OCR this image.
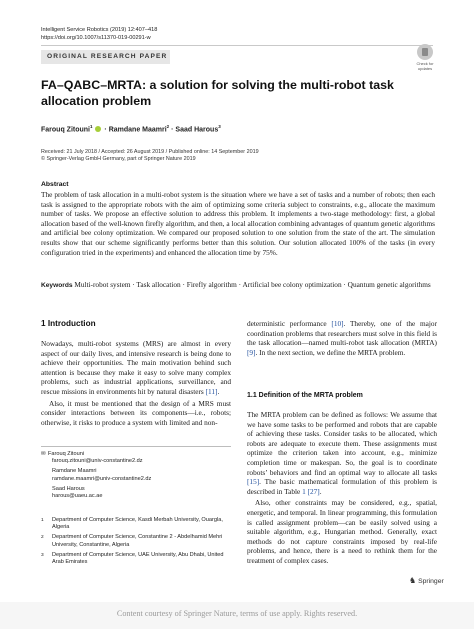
Intelligent Service Robotics (2019) 12:407–418
https://doi.org/10.1007/s11370-019-00291-w
ORIGINAL RESEARCH PAPER
Check for updates
FA–QABC–MRTA: a solution for solving the multi-robot task allocation problem
Farouq Zitouni$^1$  · Ramdane Maamri$^2$ · Saad Harous$^3$
Received: 21 July 2018 / Accepted: 26 August 2019 / Published online: 14 September 2019
© Springer-Verlag GmbH Germany, part of Springer Nature 2019
Abstract
The problem of task allocation in a multi-robot system is the situation where we have a set of tasks and a number of robots; then each task is assigned to the appropriate robots with the aim of optimizing some criteria subject to constraints, e.g., allocate the maximum number of tasks. We propose an effective solution to address this problem. It implements a two-stage methodology: first, a global allocation based of the well-known firefly algorithm, and then, a local allocation combining advantages of quantum genetic algorithms and artificial bee colony optimization. We compared our proposed solution to one solution from the state of the art. The simulation results show that our scheme significantly performs better than this solution. Our solution allocated 100% of the tasks (in every configuration tried in the experiments) and enhanced the allocation time by 75%.
Keywords Multi-robot system · Task allocation · Firefly algorithm · Artificial bee colony optimization · Quantum genetic algorithms
1 Introduction

Nowadays, multi-robot systems (MRS) are almost in every aspect of our daily lives, and intensive research is being done to achieve their opportunities. The main motivation behind such attention is because they make it easy to solve many complex problems, such as industrial applications, surveillance, and rescue missions in environments hit by natural disasters [11].

Also, it must be mentioned that the design of a MRS must consider interactions between its components—i.e., robots; otherwise, it risks to produce a system with limited and non-

deterministic performance [10]. Thereby, one of the major coordination problems that researchers must solve in this field is the task allocation—named multi-robot task allocation (MRTA) [9]. In the next section, we define the MRTA problem.

1.1 Definition of the MRTA problem

The MRTA problem can be defined as follows: We assume that we have some tasks to be performed and robots that are capable of achieving these tasks. Consider tasks to be allocated, which robots are adequate to execute them. These assignments must optimize the criterion taken into account, e.g., minimize completion time or makespan. So, the goal is to coordinate robots’ behaviors and find an optimal way to allocate all tasks [15]. The basic mathematical formulation of this problem is described in Table 1 [27].

Also, other constraints may be considered, e.g., spatial, energetic, and temporal. In linear programming, this formulation is called assignment problem—can be easily solved using a suitable algorithm, e.g., Hungarian method. Generally, exact methods do not capture constraints imposed by real-life problems, and hence, there is a need to rethink them for the treatment of complex cases.

✉ Farouq Zitouni
farouq.zitouni@univ-constantine2.dz
Ramdane Maamri
ramdane.maamri@univ-constantine2.dz
Saad Harous
harous@uaeu.ac.ae
1	Department of Computer Science, Kasdi Merbah University, Ouargla, Algeria
2	Department of Computer Science, Constantine 2 - Abdelhamid Mehri University, Constantine, Algeria
3	Department of Computer Science, UAE University, Abu Dhabi, United Arab Emirates
♞ Springer
Content courtesy of Springer Nature, terms of use apply. Rights reserved.
